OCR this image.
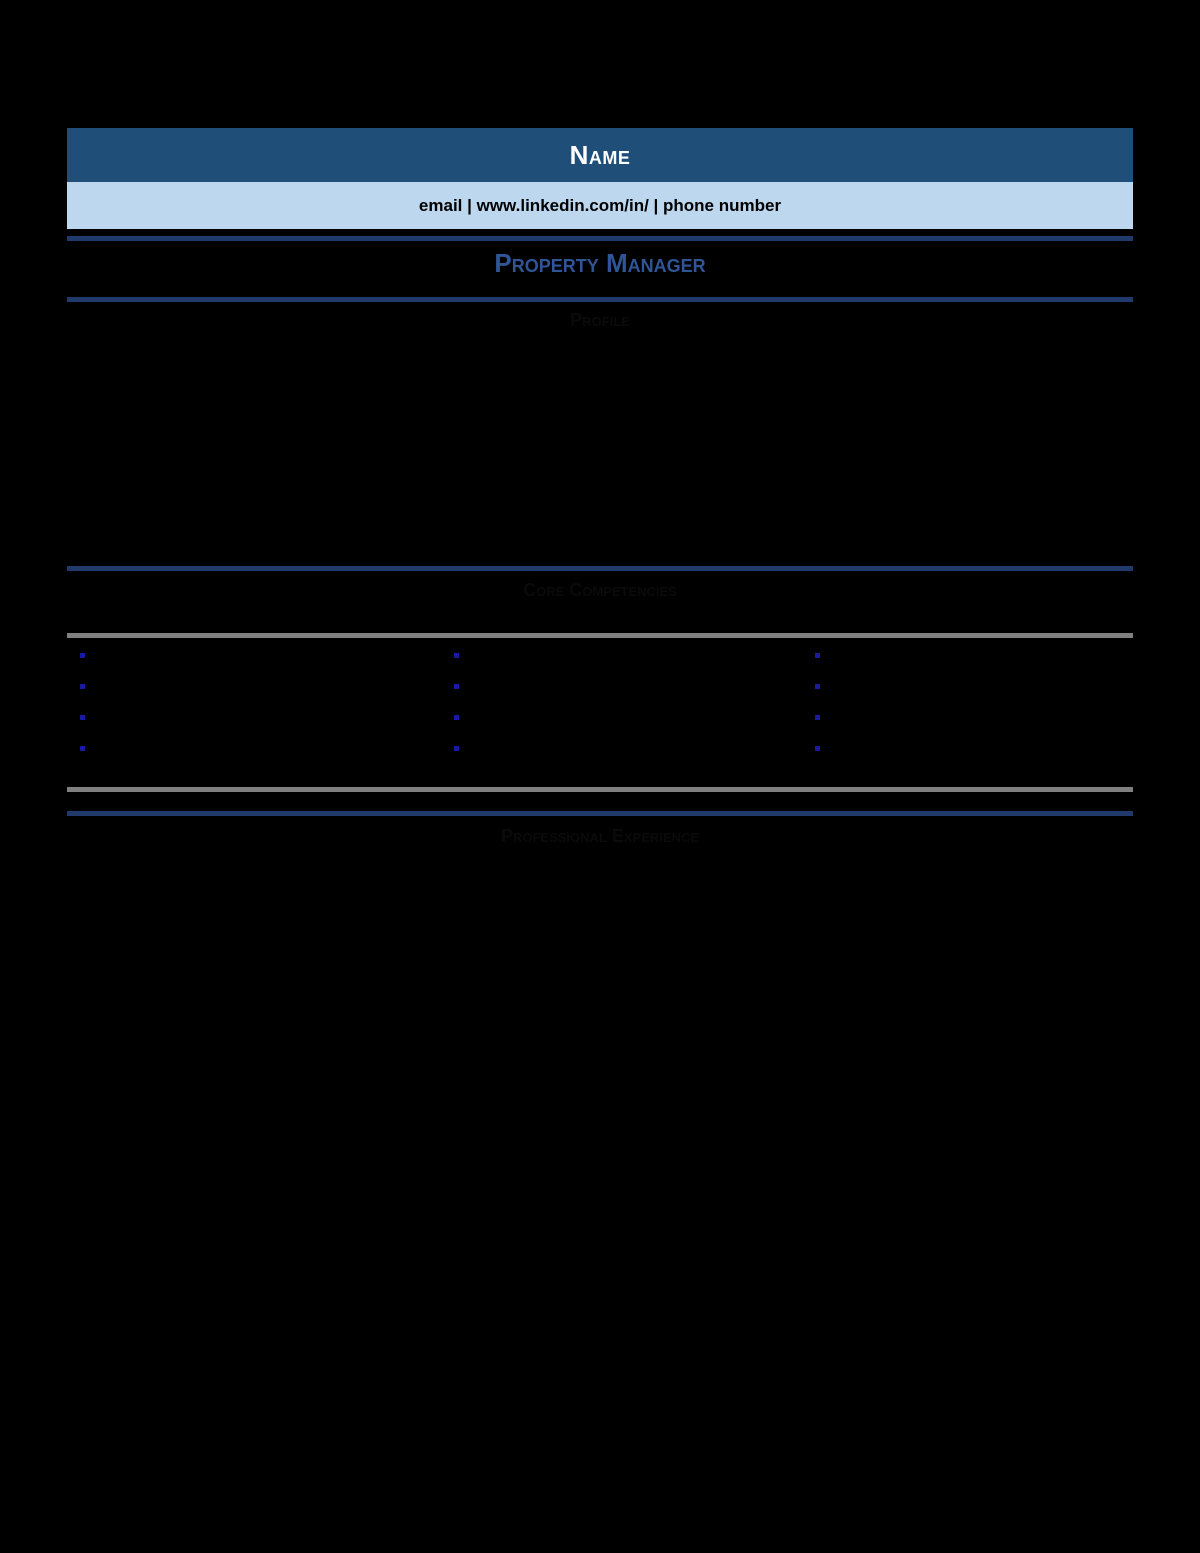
Name
email | www.linkedin.com/in/ | phone number
Property Manager
Profile
Core Competencies
Professional Experience
